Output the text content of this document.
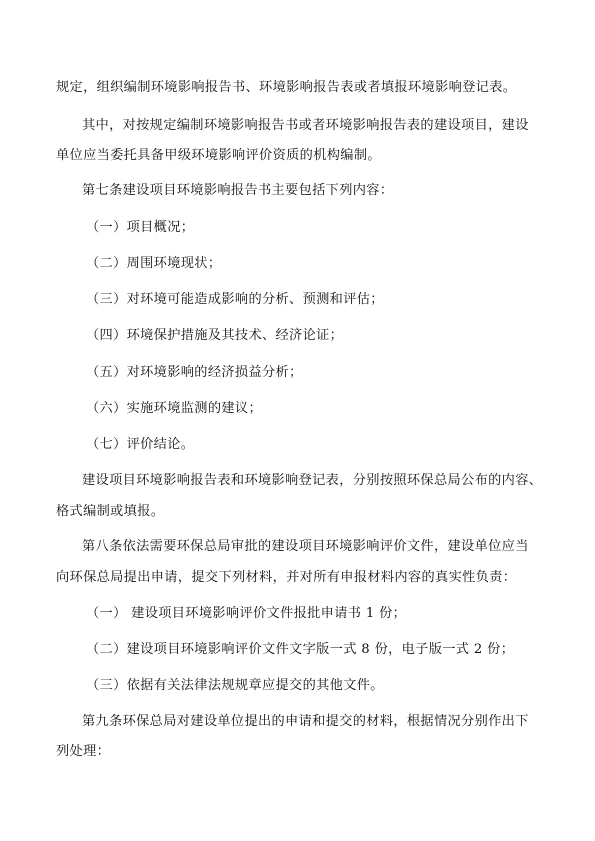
规定，组织编制环境影响报告书、环境影响报告表或者填报环境影响登记表。
其中，对按规定编制环境影响报告书或者环境影响报告表的建设项目，建设
单位应当委托具备甲级环境影响评价资质的机构编制。
第七条建设项目环境影响报告书主要包括下列内容：
（一）项目概况；
（二）周围环境现状；
（三）对环境可能造成影响的分析、预测和评估；
（四）环境保护措施及其技术、经济论证；
（五）对环境影响的经济损益分析；
（六）实施环境监测的建议；
（七）评价结论。
建设项目环境影响报告表和环境影响登记表，分别按照环保总局公布的内容、
格式编制或填报。
第八条依法需要环保总局审批的建设项目环境影响评价文件，建设单位应当
向环保总局提出申请，提交下列材料，并对所有申报材料内容的真实性负责：
（一） 建设项目环境影响评价文件报批申请书 1 份；
（二）建设项目环境影响评价文件文字版一式 8 份，电子版一式 2 份；
（三）依据有关法律法规规章应提交的其他文件。
第九条环保总局对建设单位提出的申请和提交的材料，根据情况分别作出下
列处理：
